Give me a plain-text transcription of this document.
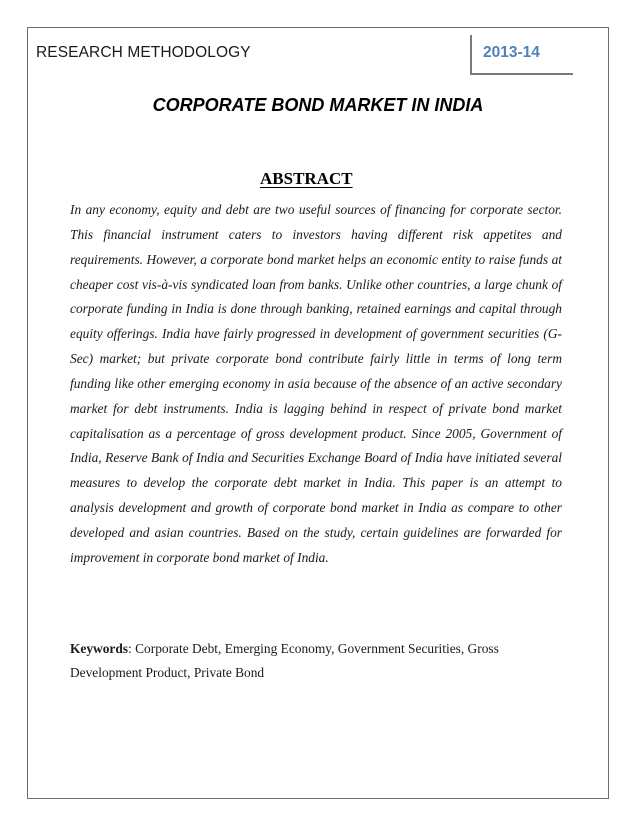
RESEARCH METHODOLOGY	2013-14
CORPORATE BOND MARKET IN INDIA
ABSTRACT

In any economy, equity and debt are two useful sources of financing for corporate sector. This financial instrument caters to investors having different risk appetites and requirements. However, a corporate bond market helps an economic entity to raise funds at cheaper cost vis-à-vis syndicated loan from banks. Unlike other countries, a large chunk of corporate funding in India is done through banking, retained earnings and capital through equity offerings. India have fairly progressed in development of government securities (G-Sec) market; but private corporate bond contribute fairly little in terms of long term funding like other emerging economy in asia because of the absence of an active secondary market for debt instruments. India is lagging behind in respect of private bond market capitalisation as a percentage of gross development product. Since 2005, Government of India, Reserve Bank of India and Securities Exchange Board of India have initiated several measures to develop the corporate debt market in India. This paper is an attempt to analysis development and growth of corporate bond market in India as compare to other developed and asian countries. Based on the study, certain guidelines are forwarded for improvement in corporate bond market of India.

Keywords: Corporate Debt, Emerging Economy, Government Securities, Gross Development Product, Private Bond
